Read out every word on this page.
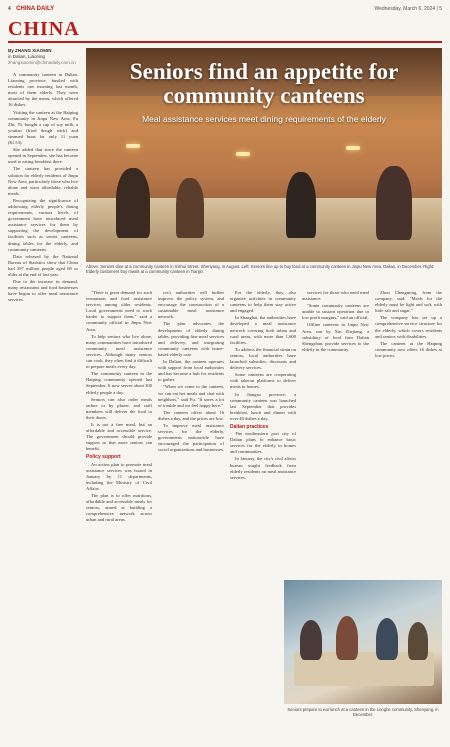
4 CHINA DAILY	Wednesday, March 6, 2024 | 5
CHINA
By ZHANG XIAOMIN
in Dalian, Liaoning
zhangxiaomin@chinadaily.com.cn

A community canteen in Dalian, Liaoning province, bustled with residents one morning last month, most of them elderly. They were attracted by the menu, which offered 16 dishes.

Visiting the canteen at the Haiping community in Jinpu New Area, Fu Zhi, 76, bought a cup of soy milk, a youtiao (fried dough stick) and steamed buns for only 11 yuan ($1.53).

She added that since the canteen opened in September, she has become used to eating breakfast there.

The canteen has provided a solution for elderly residents of Jinpu New Area, particularly those who live alone and want affordable, reliable meals.

Recognizing the significance of addressing elderly people's dining requirements, various levels of government have introduced meal assistance services for them by supporting the development of facilities such as senior canteens, dining tables for the elderly, and community canteens.

Data released by the National Bureau of Statistics show that China had 297 million people aged 60 or older at the end of last year.

Due to the increase in demand, many restaurants and food businesses have begun to offer meal assistance services.

Seniors find an appetite for community canteens
Meal assistance services meet dining requirements of the elderly
Above: Seniors dine at a community canteen in Xishui Street, Shenyang, in August. Left: Seniors line up to buy food at a community canteen in Jinpu New Area, Dalian, in December. Right: Elderly customers buy meals at a community canteen in Tianjin.

"There is great demand for such restaurants and food assistance services among older residents. Local governments need to work harder to support them," said a community official in Jinpu New Area.

To help seniors who live alone, many communities have introduced community meal assistance services. Although many seniors can cook, they often find it difficult to prepare meals every day.

The community canteen in the Haiping community opened last September. It now serves about 300 elderly people a day.

Seniors can also order meals online or by phone, and staff members will deliver the food to their doors.

It is not a free meal, but an affordable and accessible service. The government should provide support so that more seniors can benefit.

Policy support

An action plan to promote meal assistance services was issued in January by 11 departments, including the Ministry of Civil Affairs.

The plan is to offer nutritious, affordable and accessible meals for seniors, aimed at building a comprehensive network across urban and rural areas.

ros's authorities will further improve the policy system, and encourage the construction of a sustainable meal assistance network.

The plan advocates the development of elderly dining tables, providing fine meal services and delivery, and integrating community canteens with home-based elderly care.

In Dalian, the canteen operates with support from local authorities and has become a hub for residents to gather.

"When we come to the canteen, we can eat hot meals and chat with neighbors," said Fu. "It saves a lot of trouble and we feel happy here."

The canteen offers about 16 dishes a day, and the prices are low.

To improve meal assistance services for the elderly, governments nationwide have encouraged the participation of social organizations and businesses.

For the elderly, they also organize activities in community canteens to help them stay active and engaged.

In Shanghai, the authorities have developed a meal assistance network covering both urban and rural areas, with more than 1,600 facilities.

To address the financial strain on seniors, local authorities have launched subsidies, discounts and delivery services.

Some canteens are cooperating with takeout platforms to deliver meals to homes.

In Jiangsu province, a community canteen was launched last September that provides breakfast, lunch and dinner with over 40 dishes a day.

Dalian practices

The northeastern port city of Dalian plans to enhance basic services for the elderly in homes and communities.

In January, the city's civil affairs bureau sought feedback from elderly residents on meal assistance services.

services for those who need meal assistance.

"Some community canteens are unable to sustain operation due to low profit margins," said an official.

Offline canteens in Jinpu New Area, run by Xin Zhejiang, a subsidiary of food firm Dalian Shengzhan, provide services to the elderly in the community.

Zhou Chengming, from the company, said: "Meals for the elderly must be light and soft, with little salt and sugar."

The company has set up a comprehensive service structure for the elderly, which covers residents and seniors with disabilities.

The canteen at the Haiping community now offers 16 dishes at low prices.

Seniors prepare to eat lunch at a canteen in the Longhe community, Shenyang, in December.
